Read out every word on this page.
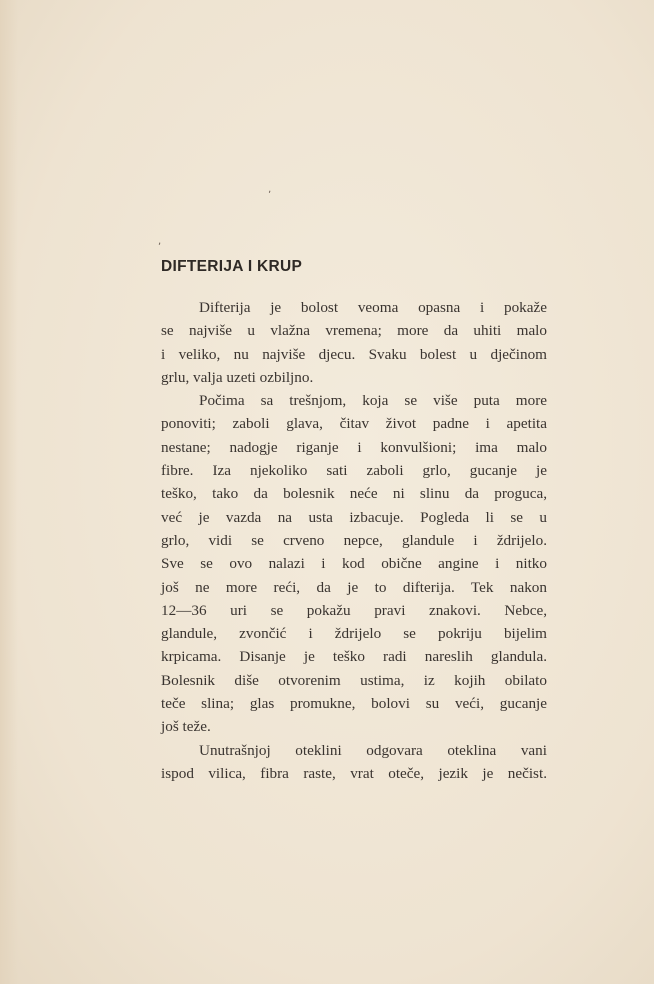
ʼ
,
DIFTERIJA I KRUP
Difterija je bolost veoma opasna i pokaže
se najviše u vlažna vremena; more da uhiti malo
i veliko, nu najviše djecu. Svaku bolest u dječinom
grlu, valja uzeti ozbiljno.
Počima sa trešnjom, koja se više puta more
ponoviti; zaboli glava, čitav život padne i apetita
nestane; nadogje riganje i konvulšioni; ima malo
fibre. Iza njekoliko sati zaboli grlo, gucanje je
teško, tako da bolesnik neće ni slinu da proguca,
već je vazda na usta izbacuje. Pogleda li se u
grlo, vidi se crveno nepce, glandule i ždrijelo.
Sve se ovo nalazi i kod obične angine i nitko
još ne more reći, da je to difterija. Tek nakon
12—36 uri se pokažu pravi znakovi. Nebce,
glandule, zvončić i ždrijelo se pokriju bijelim
krpicama. Disanje je teško radi nareslih glandula.
Bolesnik diše otvorenim ustima, iz kojih obilato
teče slina; glas promukne, bolovi su veći, gucanje
još teže.
Unutrašnjoj oteklini odgovara oteklina vani
ispod vilica, fibra raste, vrat oteče, jezik je nečist.
